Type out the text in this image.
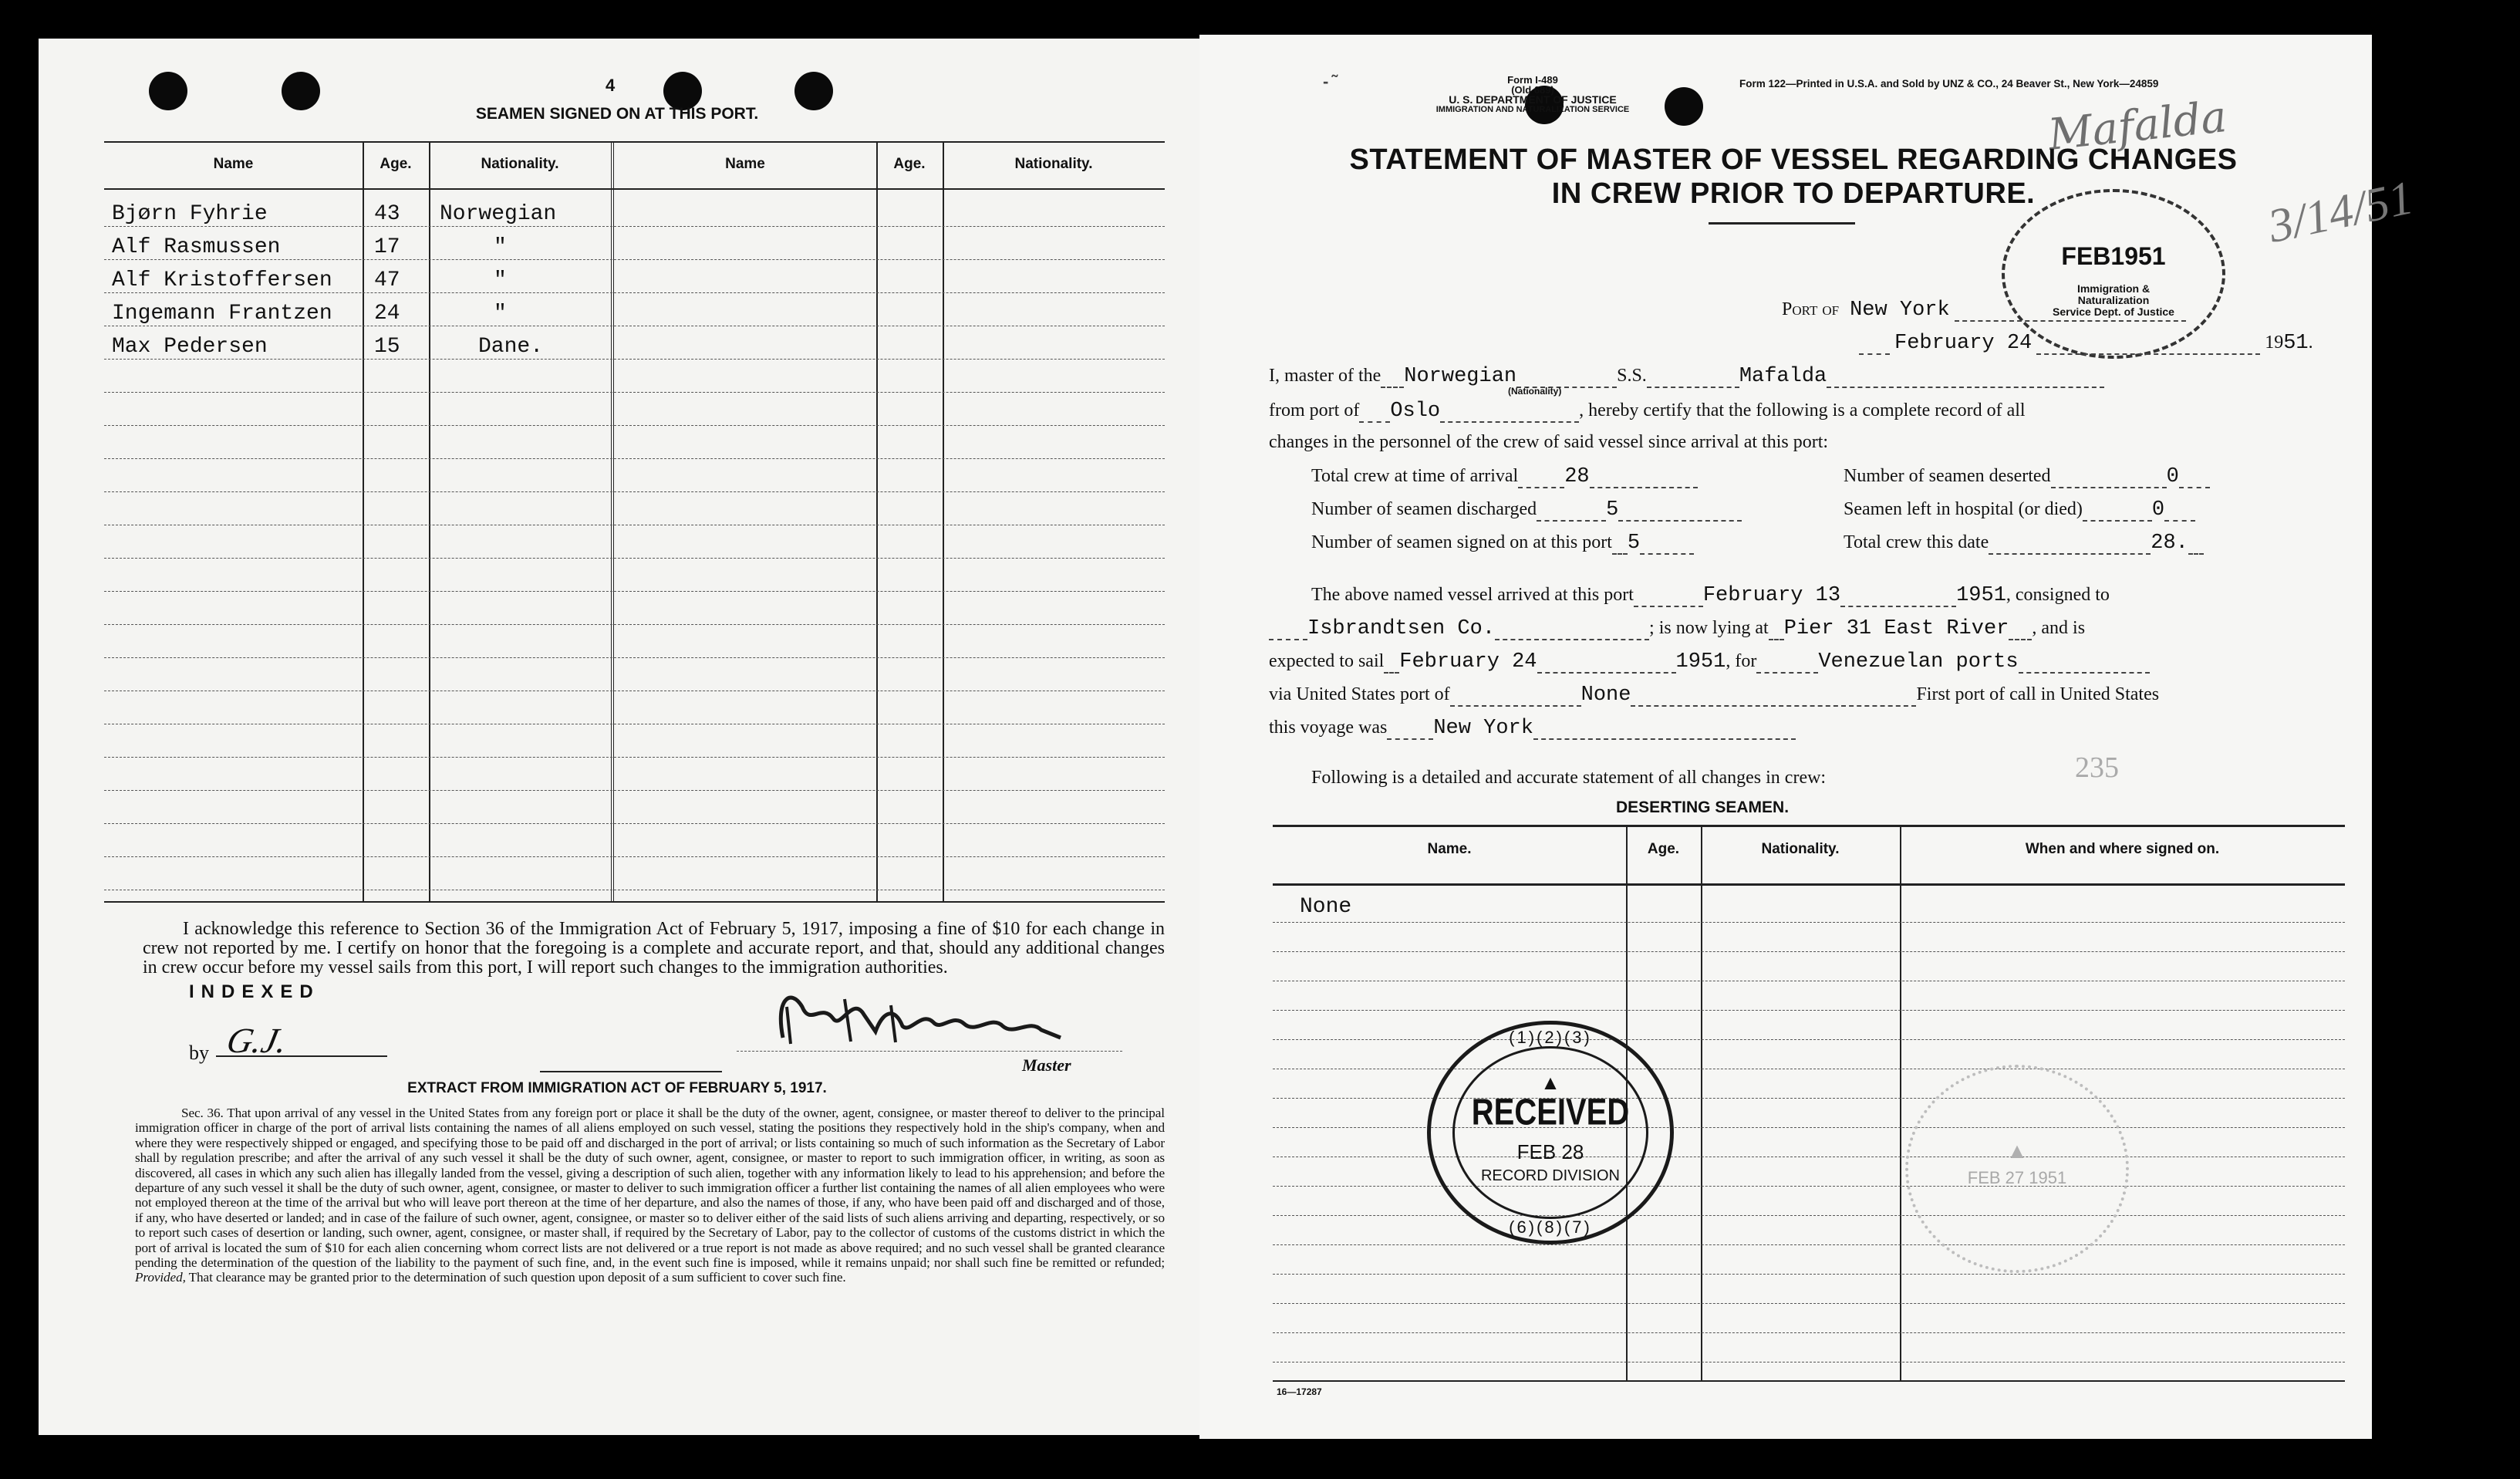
4
SEAMEN SIGNED ON AT THIS PORT.
Name	Age.	Nationality.	Name	Age.	Nationality.
Bjørn Fyhrie	43 Norwegian
Alf Rasmussen	17	"
Alf Kristoffersen 47	"
Ingemann Frantzen 24	"
Max Pedersen	15	Dane.
I acknowledge this reference to Section 36 of the Immigration Act of February 5, 1917, imposing a fine of $10 for each change in crew not reported by me. I certify on honor that the foregoing is a complete and accurate report, and that, should any additional changes in crew occur before my vessel sails from this port, I will report such changes to the immigration authorities.
INDEXED
by G.J.
Master
EXTRACT FROM IMMIGRATION ACT OF FEBRUARY 5, 1917.
Sec. 36. That upon arrival of any vessel in the United States from any foreign port or place it shall be the duty of the owner, agent, consignee, or master thereof to deliver to the principal immigration officer in charge of the port of arrival lists containing the names of all aliens employed on such vessel, stating the positions they respectively hold in the ship's company, when and where they were respectively shipped or engaged, and specifying those to be paid off and discharged in the port of arrival; or lists containing so much of such information as the Secretary of Labor shall by regulation prescribe; and after the arrival of any such vessel it shall be the duty of such owner, agent, consignee, or master to report to such immigration officer, in writing, as soon as discovered, all cases in which any such alien has illegally landed from the vessel, giving a description of such alien, together with any information likely to lead to his apprehension; and before the departure of any such vessel it shall be the duty of such owner, agent, consignee, or master to deliver to such immigration officer a further list containing the names of all alien employees who were not employed thereon at the time of the arrival but who will leave port thereon at the time of her departure, and also the names of those, if any, who have been paid off and discharged and of those, if any, who have deserted or landed; and in case of the failure of such owner, agent, consignee, or master so to deliver either of the said lists of such aliens arriving and departing, respectively, or so to report such cases of desertion or landing, such owner, agent, consignee, or master shall, if required by the Secretary of Labor, pay to the collector of customs of the customs district in which the port of arrival is located the sum of $10 for each alien concerning whom correct lists are not delivered or a true report is not made as above required; and no such vessel shall be granted clearance pending the determination of the question of the liability to the payment of such fine, and, in the event such fine is imposed, while it remains unpaid; nor shall such fine be remitted or refunded; Provided, That clearance may be granted prior to the determination of such question upon deposit of a sum sufficient to cover such fine.
-˜	Form I-489
(Old 689)
U. S. DEPARTMENT OF JUSTICE
IMMIGRATION AND NATURALIZATION SERVICE
Form 122—Printed in U.S.A. and Sold by UNZ & CO., 24 Beaver St., New York—24859
Mafalda
3/14/51
STATEMENT OF MASTER OF VESSEL REGARDING CHANGES
IN CREW PRIOR TO DEPARTURE.
FEB1951
Immigration &
Naturalization
Service Dept. of Justice
Port of New York
February 24	1951.
I, master of the Norwegian	S.S.	Mafalda
(Nationality)
from port of Oslo	, hereby certify that the following is a complete record of all
changes in the personnel of the crew of said vessel since arrival at this port:
Total crew at time of arrival 28	Number of seamen deserted	0
Number of seamen discharged	5	Seamen left in hospital (or died)	0
Number of seamen signed on at this port 5	Total crew this date	28.
The above named vessel arrived at this port	February 13	1951, consigned to
Isbrandtsen Co.	; is now lying at Pier 31 East River , and is
expected to sail February 24	1951, for	Venezuelan ports
via United States port of	None	First port of call in United States
this voyage was New York
235
Following is a detailed and accurate statement of all changes in crew:
DESERTING SEAMEN.
Name.	Age.	Nationality.	When and where signed on.
None
(1)(2)(3)
(6)(8)(7)
▲
RECEIVED
FEB 28
RECORD DIVISION
▲
FEB 27 1951
16—17287
